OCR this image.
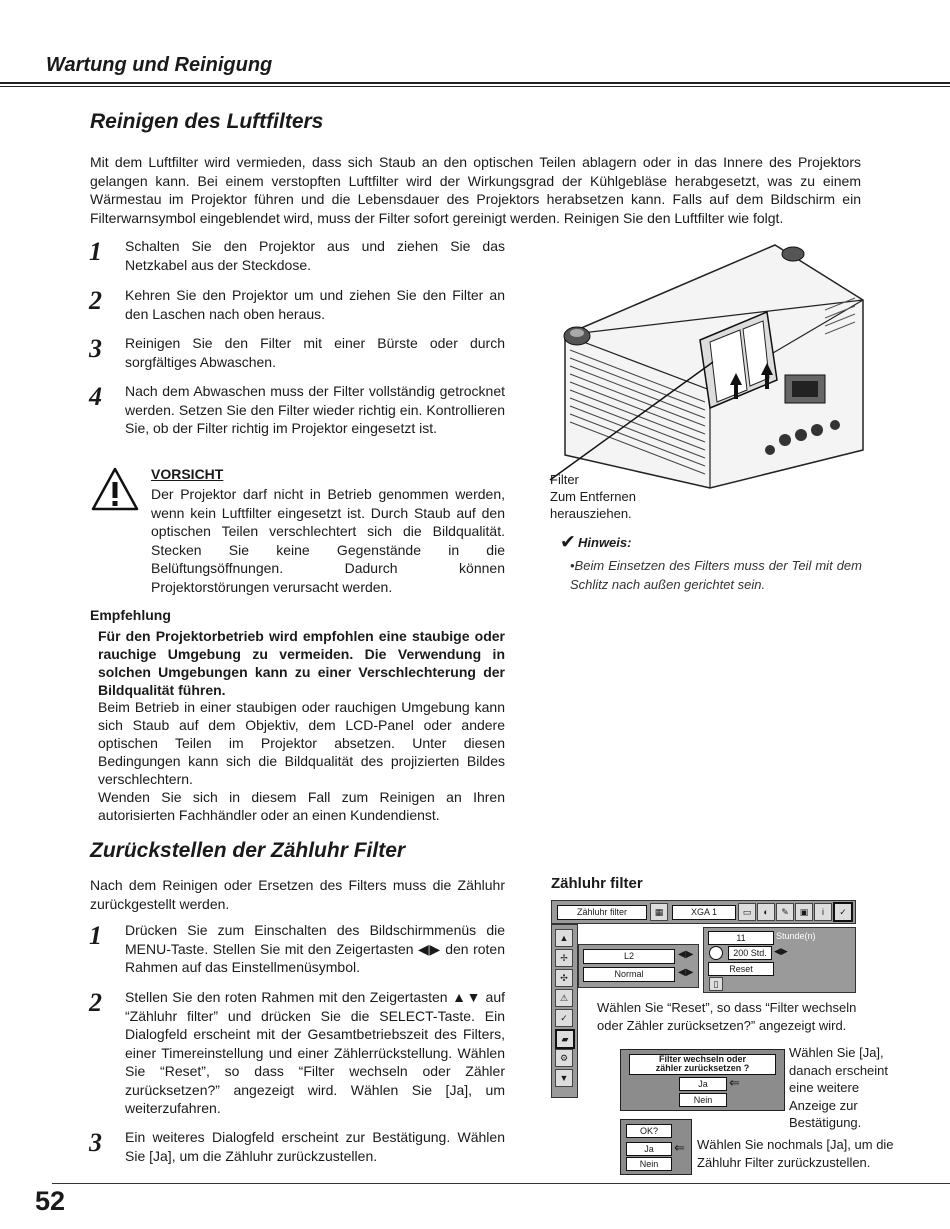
Wartung und Reinigung
Reinigen des Luftfilters
Mit dem Luftfilter wird vermieden, dass sich Staub an den optischen Teilen ablagern oder in das Innere des Projektors gelangen kann. Bei einem verstopften Luftfilter wird der Wirkungsgrad der Kühlgebläse herabgesetzt, was zu einem Wärmestau im Projektor führen und die Lebensdauer des Projektors herabsetzen kann. Falls auf dem Bildschirm ein Filterwarnsymbol eingeblendet wird, muss der Filter sofort gereinigt werden. Reinigen Sie den Luftfilter wie folgt.
1 Schalten Sie den Projektor aus und ziehen Sie das Netzkabel aus der Steckdose.
2 Kehren Sie den Projektor um und ziehen Sie den Filter an den Laschen nach oben heraus.
3 Reinigen Sie den Filter mit einer Bürste oder durch sorgfältiges Abwaschen.
4 Nach dem Abwaschen muss der Filter vollständig getrocknet werden. Setzen Sie den Filter wieder richtig ein. Kontrollieren Sie, ob der Filter richtig im Projektor eingesetzt ist.
VORSICHT
Der Projektor darf nicht in Betrieb genommen werden, wenn kein Luftfilter eingesetzt ist. Durch Staub auf den optischen Teilen verschlechtert sich die Bildqualität. Stecken Sie keine Gegenstände in die Belüftungsöffnungen. Dadurch können Projektorstörungen verursacht werden.
Empfehlung
Für den Projektorbetrieb wird empfohlen eine staubige oder rauchige Umgebung zu vermeiden. Die Verwendung in solchen Umgebungen kann zu einer Verschlechterung der Bildqualität führen.
Beim Betrieb in einer staubigen oder rauchigen Umgebung kann sich Staub auf dem Objektiv, dem LCD-Panel oder andere optischen Teilen im Projektor absetzen. Unter diesen Bedingungen kann sich die Bildqualität des projizierten Bildes verschlechtern.
Wenden Sie sich in diesem Fall zum Reinigen an Ihren autorisierten Fachhändler oder an einen Kundendienst.
Filter
Zum Entfernen
herausziehen.
✔ Hinweis:
•Beim Einsetzen des Filters muss der Teil mit dem Schlitz nach außen gerichtet sein.
Zurückstellen der Zähluhr Filter
Nach dem Reinigen oder Ersetzen des Filters muss die Zähluhr zurückgestellt werden.
1 Drücken Sie zum Einschalten des Bildschirmmenüs die MENU-Taste. Stellen Sie mit den Zeigertasten ◀▶ den roten Rahmen auf das Einstellmenüsymbol.
2 Stellen Sie den roten Rahmen mit den Zeigertasten ▲▼ auf “Zähluhr filter” und drücken Sie die SELECT-Taste. Ein Dialogfeld erscheint mit der Gesamtbetriebszeit des Filters, einer Timereinstellung und einer Zählerrückstellung. Wählen Sie “Reset”, so dass “Filter wechseln oder Zähler zurücksetzen?” angezeigt wird. Wählen Sie [Ja], um weiterzufahren.
3 Ein weiteres Dialogfeld erscheint zur Bestätigung. Wählen Sie [Ja], um die Zähluhr zurückzustellen.
Zähluhr filter
Zähluhr filter	▦	XGA 1	▭	◐	✎	▣	i	✓
▲
✢
✣
⚠
✓
▰
⚙
▼
L2	◀▶
Normal	◀▶
11	Stunde(n)
200 Std. ◀▶
Reset
▯
Wählen Sie “Reset”, so dass “Filter wechseln oder Zähler zurücksetzen?” angezeigt wird.
Filter wechseln oder
zähler zurücksetzen ?
Ja	⇐
Nein
Wählen Sie [Ja], danach erscheint eine weitere Anzeige zur Bestätigung.
OK?
Ja	⇐
Nein
Wählen Sie nochmals [Ja], um die Zähluhr Filter zurückzustellen.
52
